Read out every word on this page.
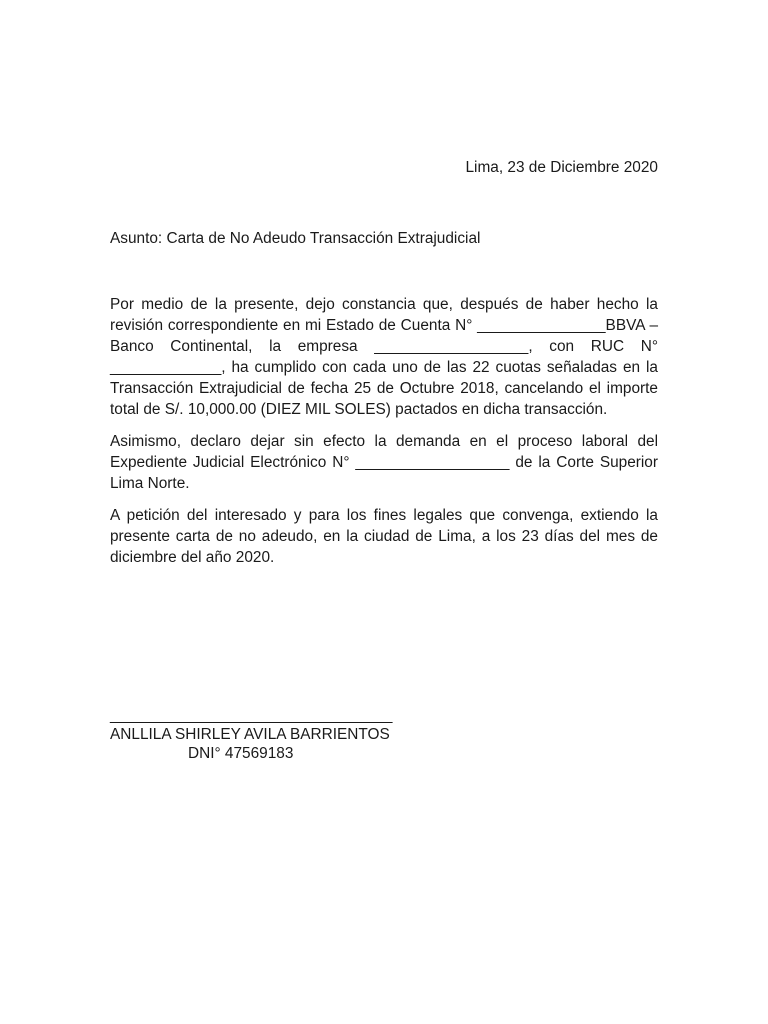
Lima, 23 de Diciembre 2020
Asunto: Carta de No Adeudo Transacción Extrajudicial

Por medio de la presente, dejo constancia que, después de haber hecho la revisión correspondiente en mi Estado de Cuenta N° _______________BBVA – Banco Continental, la empresa __________________, con RUC N° _____________, ha cumplido con cada uno de las 22 cuotas señaladas en la Transacción Extrajudicial de fecha 25 de Octubre 2018, cancelando el importe total de S/. 10,000.00 (DIEZ MIL SOLES) pactados en dicha transacción.

Asimismo, declaro dejar sin efecto la demanda en el proceso laboral del Expediente Judicial Electrónico N° __________________ de la Corte Superior Lima Norte.

A petición del interesado y para los fines legales que convenga, extiendo la presente carta de no adeudo, en la ciudad de Lima, a los 23 días del mes de diciembre del año 2020.

_________________________________
ANLLILA SHIRLEY AVILA BARRIENTOS
DNI° 47569183
